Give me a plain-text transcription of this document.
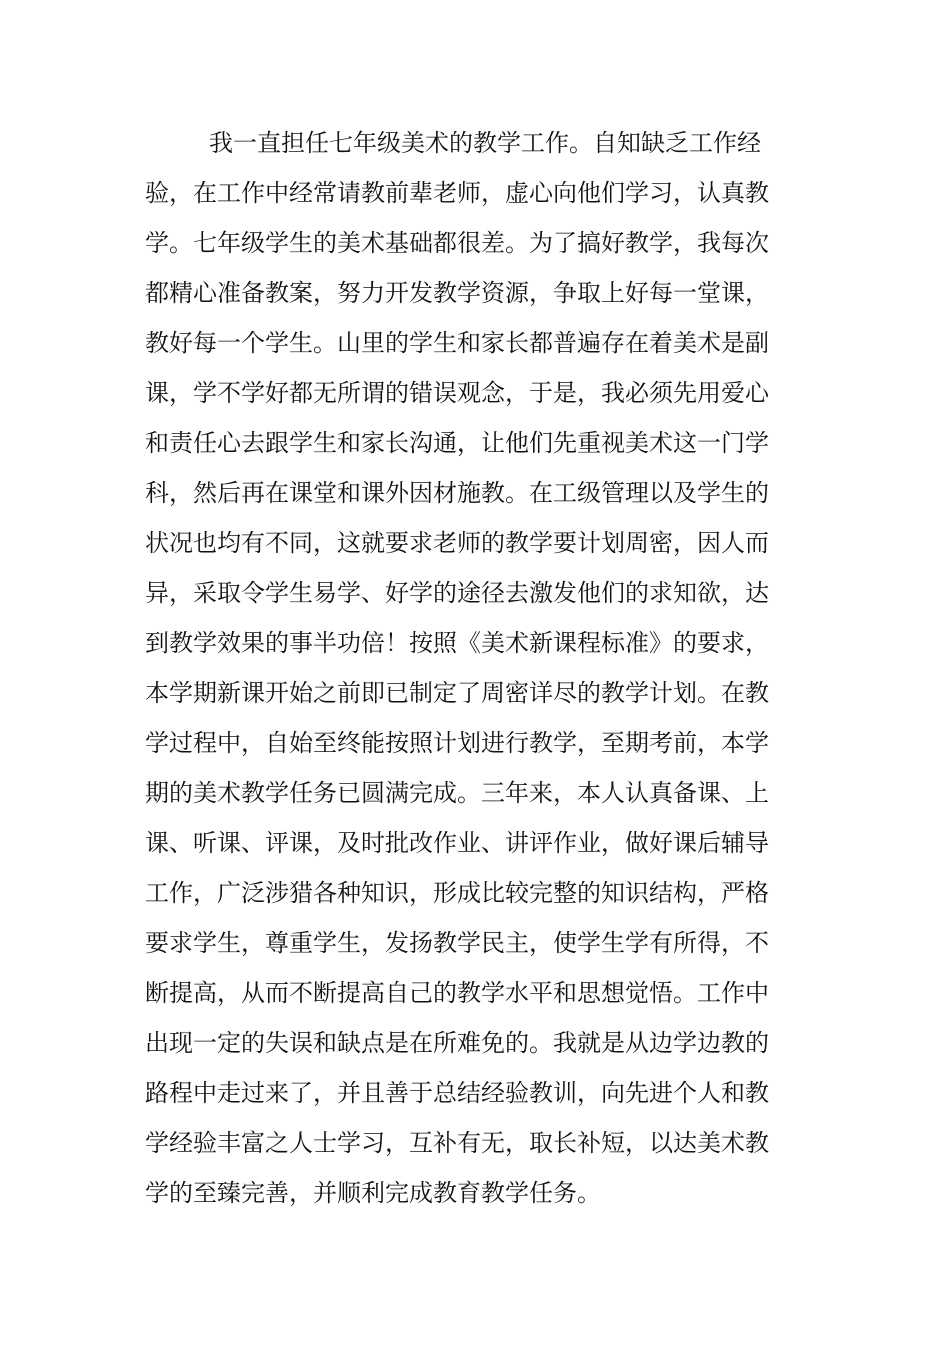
我一直担任七年级美术的教学工作。自知缺乏工作经
验，在工作中经常请教前辈老师，虚心向他们学习，认真教
学。七年级学生的美术基础都很差。为了搞好教学，我每次
都精心准备教案，努力开发教学资源，争取上好每一堂课，
教好每一个学生。山里的学生和家长都普遍存在着美术是副
课，学不学好都无所谓的错误观念，于是，我必须先用爱心
和责任心去跟学生和家长沟通，让他们先重视美术这一门学
科，然后再在课堂和课外因材施教。在工级管理以及学生的
状况也均有不同，这就要求老师的教学要计划周密，因人而
异，采取令学生易学、好学的途径去激发他们的求知欲，达
到教学效果的事半功倍！按照《美术新课程标准》的要求，
本学期新课开始之前即已制定了周密详尽的教学计划。在教
学过程中，自始至终能按照计划进行教学，至期考前，本学
期的美术教学任务已圆满完成。三年来，本人认真备课、上
课、听课、评课，及时批改作业、讲评作业，做好课后辅导
工作，广泛涉猎各种知识，形成比较完整的知识结构，严格
要求学生，尊重学生，发扬教学民主，使学生学有所得，不
断提高，从而不断提高自己的教学水平和思想觉悟。工作中
出现一定的失误和缺点是在所难免的。我就是从边学边教的
路程中走过来了，并且善于总结经验教训，向先进个人和教
学经验丰富之人士学习，互补有无，取长补短，以达美术教
学的至臻完善，并顺利完成教育教学任务。
